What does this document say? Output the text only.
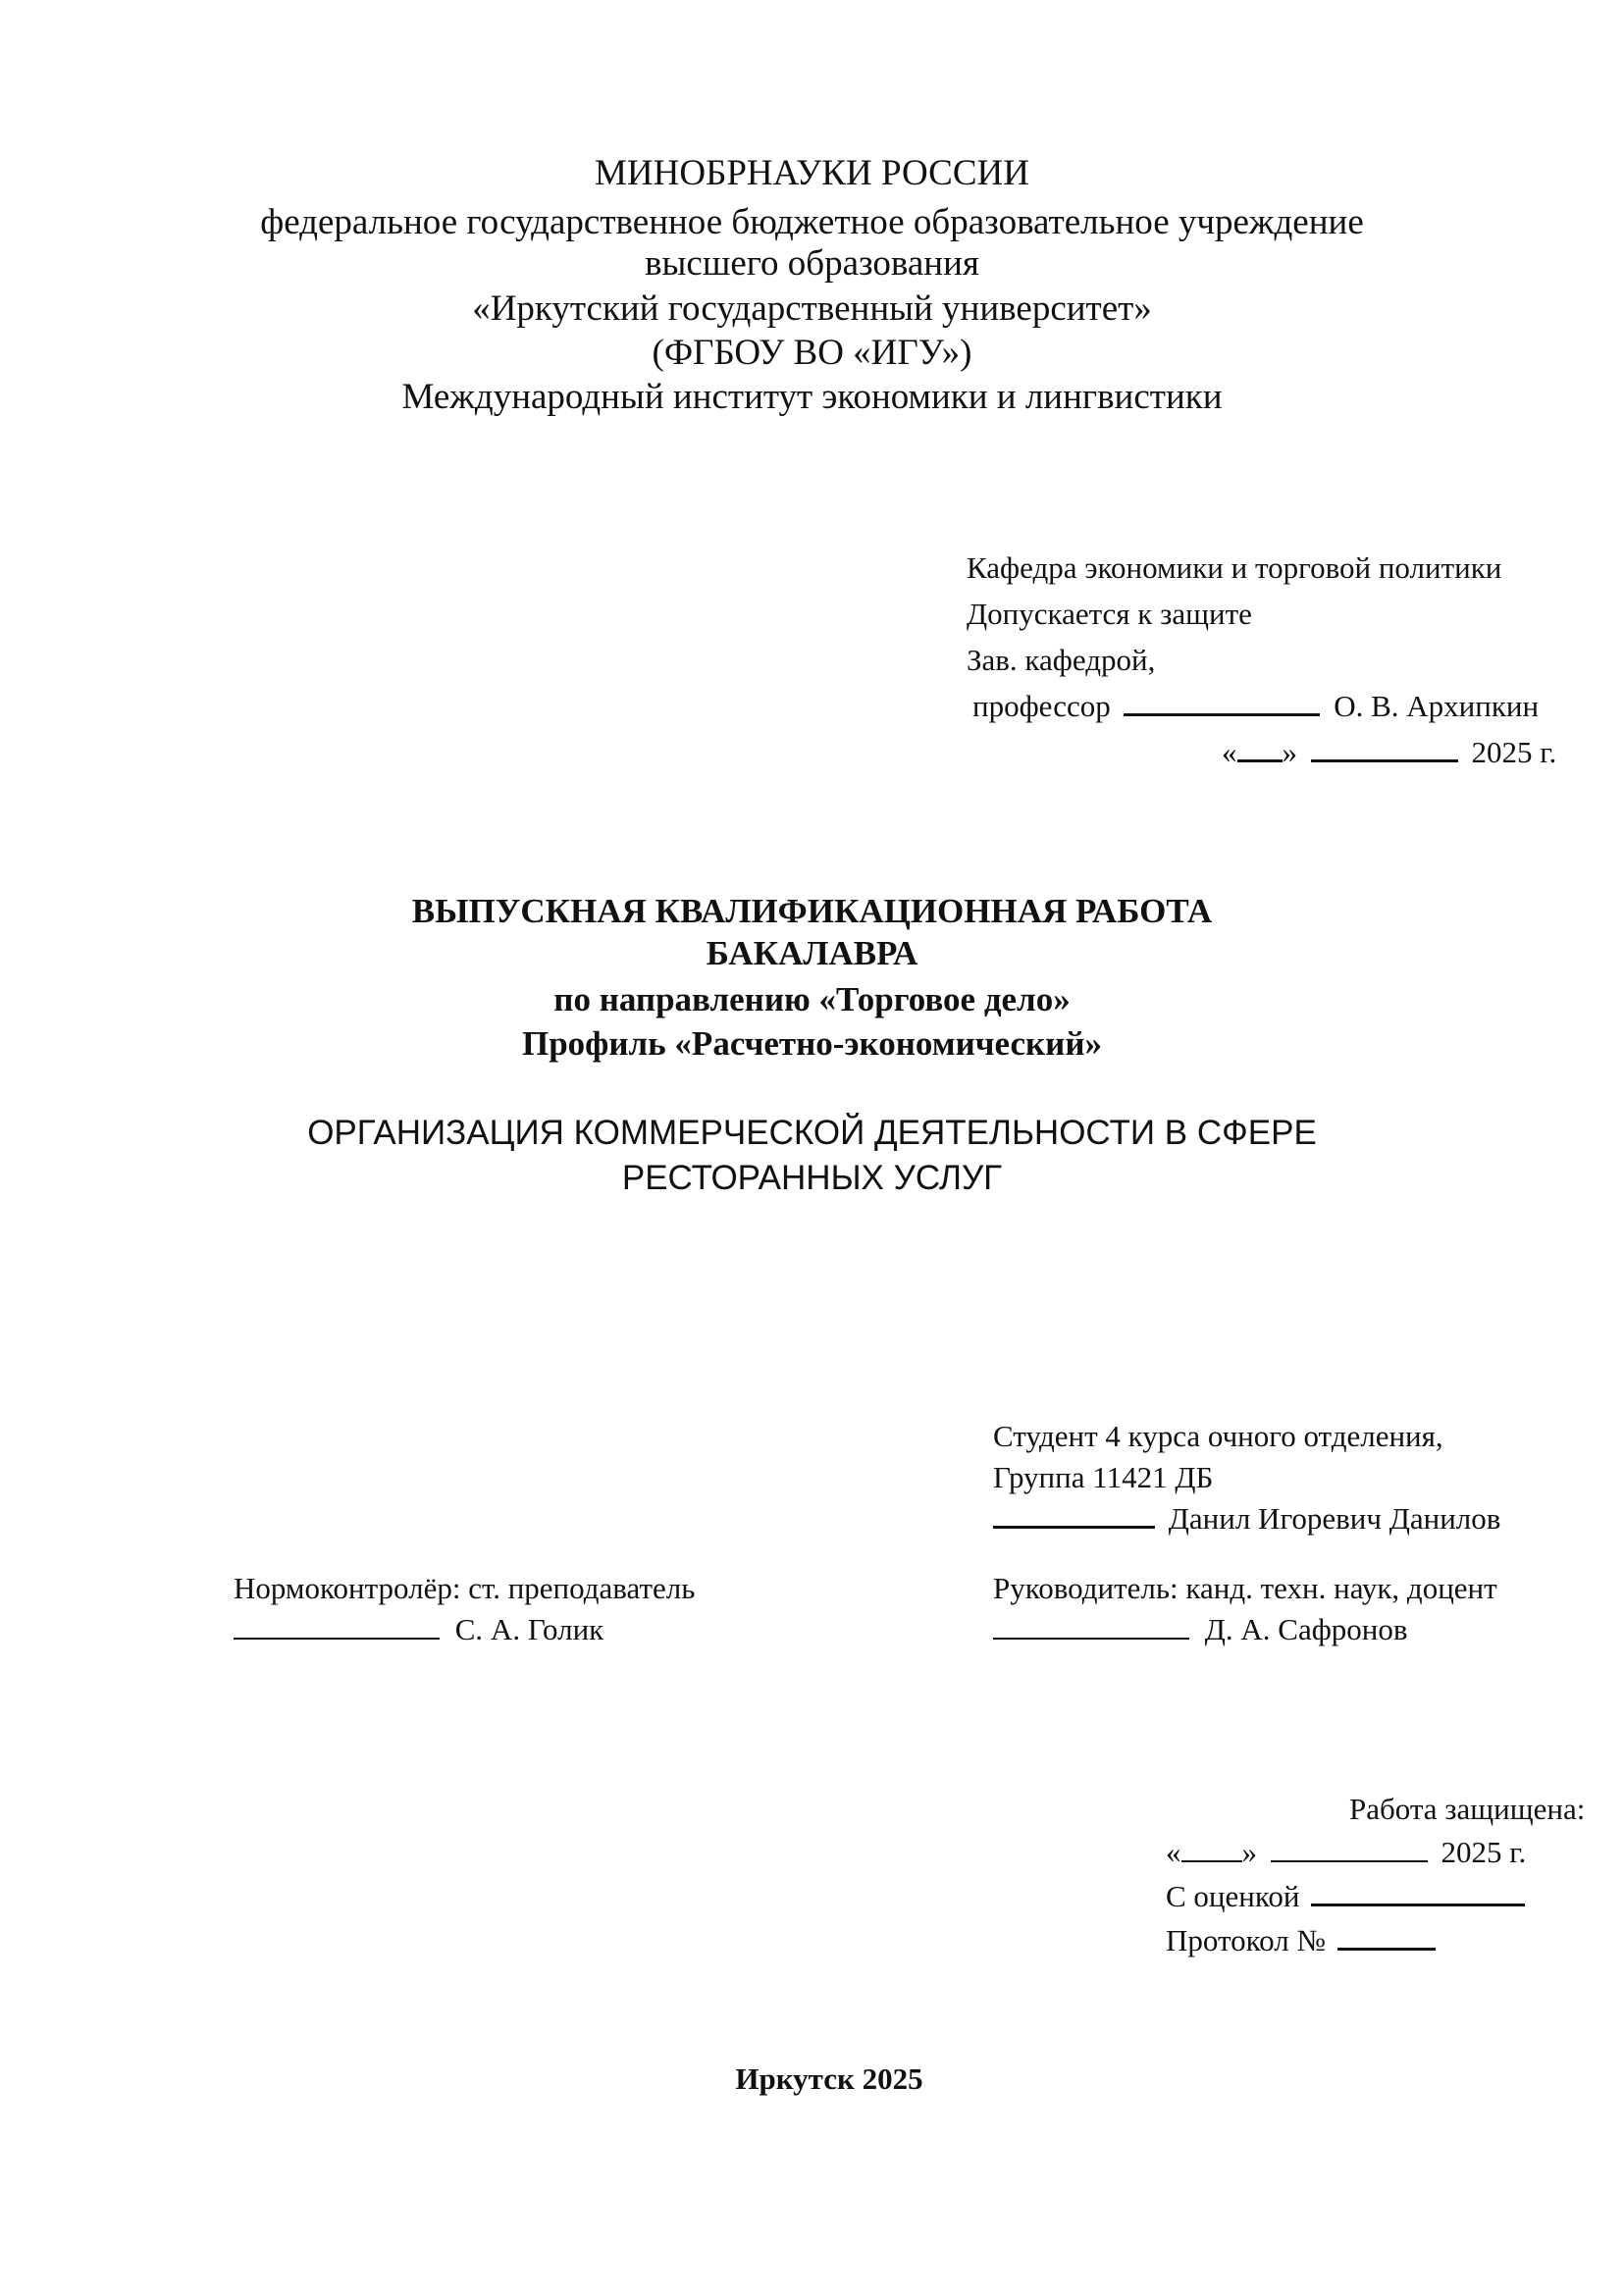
МИНОБРНАУКИ РОССИИ
федеральное государственное бюджетное образовательное учреждение
высшего образования
«Иркутский государственный университет»
(ФГБОУ ВО «ИГУ»)
Международный институт экономики и лингвистики
Кафедра экономики и торговой политики
Допускается к защите
Зав. кафедрой,
профессор	О. В. Архипкин
« »	2025 г.
ВЫПУСКНАЯ КВАЛИФИКАЦИОННАЯ РАБОТА
БАКАЛАВРА
по направлению «Торговое дело»
Профиль «Расчетно-экономический»
ОРГАНИЗАЦИЯ КОММЕРЧЕСКОЙ ДЕЯТЕЛЬНОСТИ В СФЕРЕ
РЕСТОРАННЫХ УСЛУГ
Студент 4 курса очного отделения,
Группа 11421 ДБ
Данил Игоревич Данилов
Нормоконтролёр: ст. преподаватель
С. А. Голик
Руководитель: канд. техн. наук, доцент
Д. А. Сафронов
Работа защищена:
« »	2025 г.
С оценкой
Протокол №
Иркутск 2025
